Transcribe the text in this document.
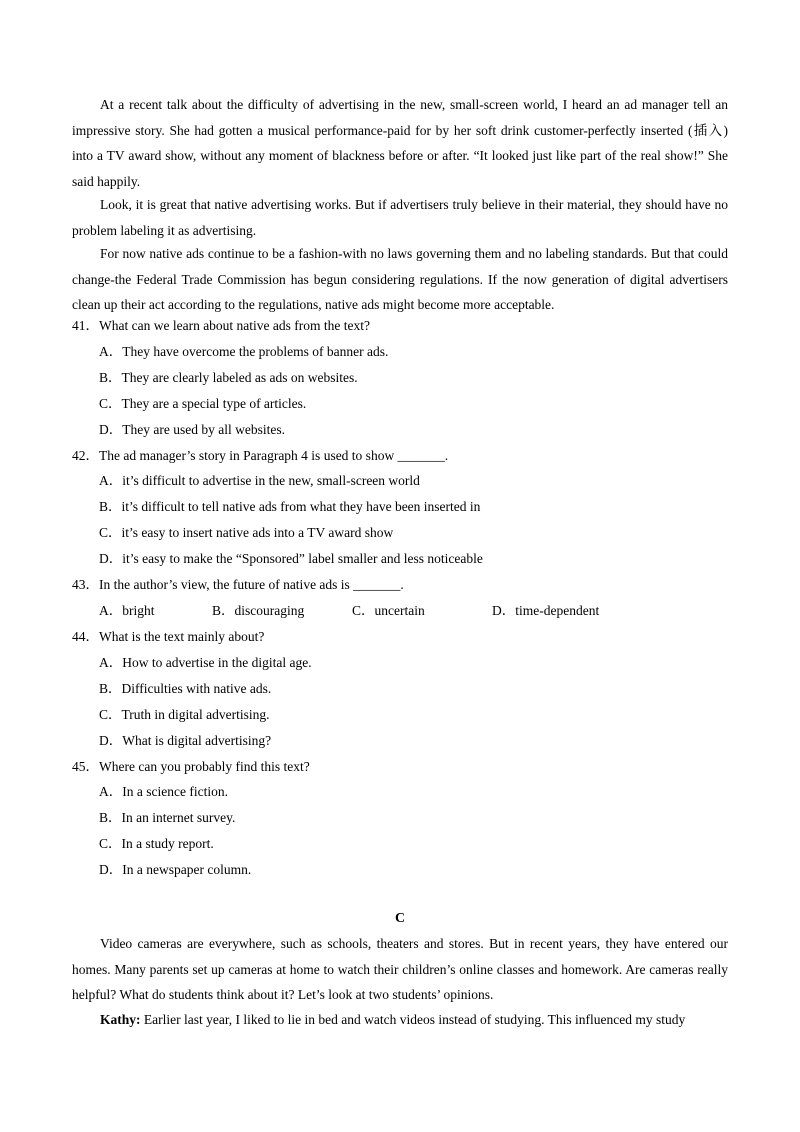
At a recent talk about the difficulty of advertising in the new, small-screen world, I heard an ad manager tell an impressive story. She had gotten a musical performance-paid for by her soft drink customer-perfectly inserted (插入) into a TV award show, without any moment of blackness before or after. “It looked just like part of the real show!” She said happily.

Look, it is great that native advertising works. But if advertisers truly believe in their material, they should have no problem labeling it as advertising.

For now native ads continue to be a fashion-with no laws governing them and no labeling standards. But that could change-the Federal Trade Commission has begun considering regulations. If the now generation of digital advertisers clean up their act according to the regulations, native ads might become more acceptable.

41．What can we learn about native ads from the text?
A．They have overcome the problems of banner ads.
B．They are clearly labeled as ads on websites.
C．They are a special type of articles.
D．They are used by all websites.
42．The ad manager’s story in Paragraph 4 is used to show _______.
A．it’s difficult to advertise in the new, small-screen world
B．it’s difficult to tell native ads from what they have been inserted in
C．it’s easy to insert native ads into a TV award show
D．it’s easy to make the “Sponsored” label smaller and less noticeable
43．In the author’s view, the future of native ads is _______.
A．bright	B．discouraging	C．uncertain	D．time-dependent
44．What is the text mainly about?
A．How to advertise in the digital age.
B．Difficulties with native ads.
C．Truth in digital advertising.
D．What is digital advertising?
45．Where can you probably find this text?
A．In a science fiction.
B．In an internet survey.
C．In a study report.
D．In a newspaper column.
C

Video cameras are everywhere, such as schools, theaters and stores. But in recent years, they have entered our homes. Many parents set up cameras at home to watch their children’s online classes and homework. Are cameras really helpful? What do students think about it? Let’s look at two students’ opinions.

Kathy: Earlier last year, I liked to lie in bed and watch videos instead of studying. This influenced my study
